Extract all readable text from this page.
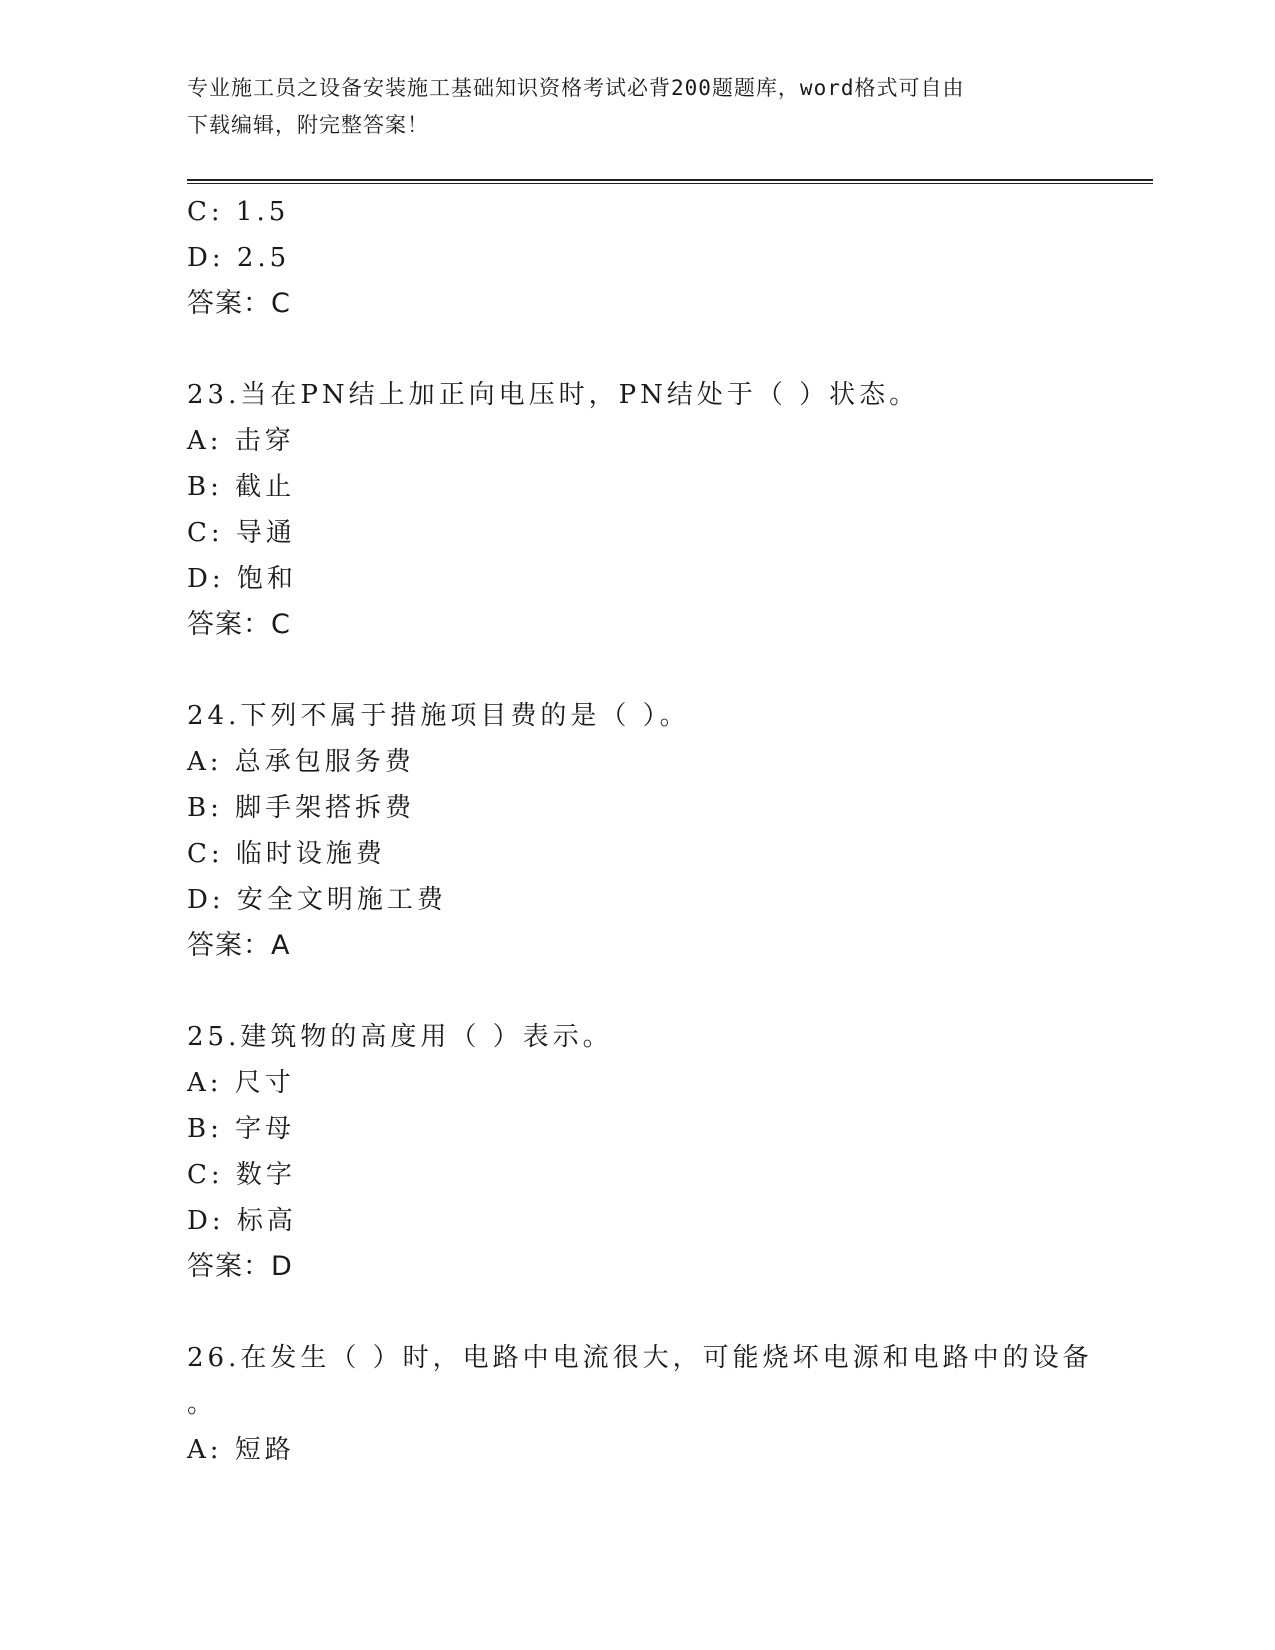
专业施工员之设备安装施工基础知识资格考试必背200题题库，word格式可自由
下载编辑，附完整答案！
C: 1.5
D: 2.5
答案：C
23.当在PN结上加正向电压时，PN结处于（ ）状态。
A: 击穿
B: 截止
C: 导通
D: 饱和
答案：C
24.下列不属于措施项目费的是（ ）。
A: 总承包服务费
B: 脚手架搭拆费
C: 临时设施费
D: 安全文明施工费
答案：A
25.建筑物的高度用（ ）表示。
A: 尺寸
B: 字母
C: 数字
D: 标高
答案：D
26.在发生（ ）时，电路中电流很大，可能烧坏电源和电路中的设备
。
A: 短路
